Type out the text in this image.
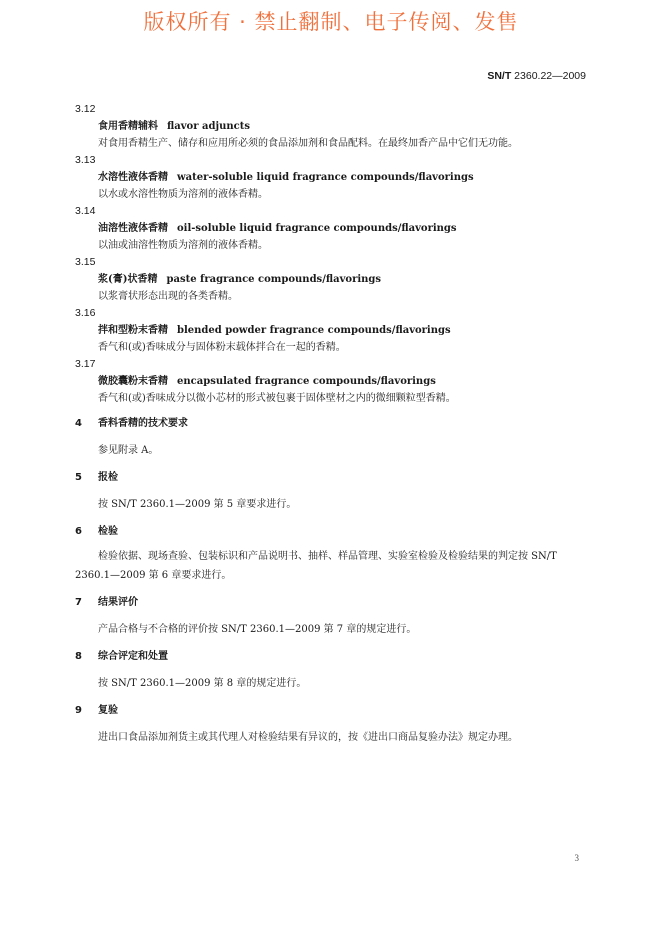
版权所有 · 禁止翻制、电子传阅、发售
SN/T 2360.22—2009
3.12
食用香精辅料 flavor adjuncts
对食用香精生产、储存和应用所必须的食品添加剂和食品配料。在最终加香产品中它们无功能。
3.13
水溶性液体香精 water-soluble liquid fragrance compounds/flavorings
以水或水溶性物质为溶剂的液体香精。
3.14
油溶性液体香精 oil-soluble liquid fragrance compounds/flavorings
以油或油溶性物质为溶剂的液体香精。
3.15
浆(膏)状香精 paste fragrance compounds/flavorings
以浆膏状形态出现的各类香精。
3.16
拌和型粉末香精 blended powder fragrance compounds/flavorings
香气和(或)香味成分与固体粉末载体拌合在一起的香精。
3.17
微胶囊粉末香精 encapsulated fragrance compounds/flavorings
香气和(或)香味成分以微小芯材的形式被包裹于固体壁材之内的微细颗粒型香精。
4 香料香精的技术要求
参见附录 A。
5 报检
按 SN/T 2360.1—2009 第 5 章要求进行。
6 检验
检验依据、现场查验、包装标识和产品说明书、抽样、样品管理、实验室检验及检验结果的判定按 SN/T 2360.1—2009 第 6 章要求进行。
7 结果评价
产品合格与不合格的评价按 SN/T 2360.1—2009 第 7 章的规定进行。
8 综合评定和处置
按 SN/T 2360.1—2009 第 8 章的规定进行。
9 复验
进出口食品添加剂货主或其代理人对检验结果有异议的，按《进出口商品复验办法》规定办理。
3
